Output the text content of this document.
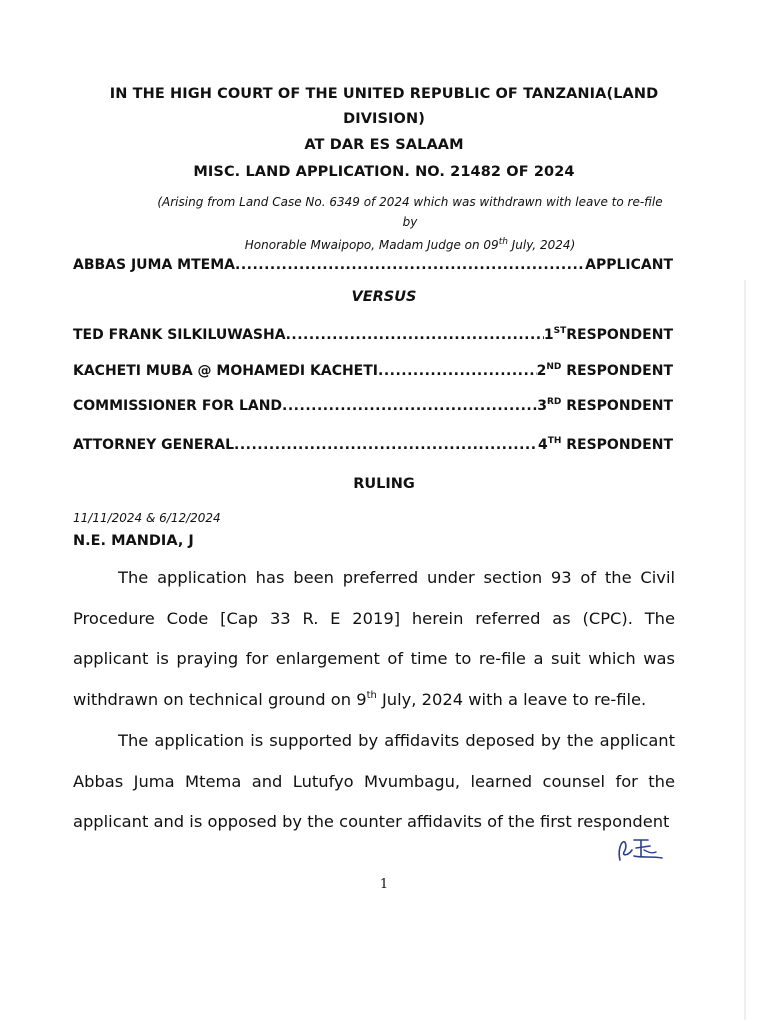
IN THE HIGH COURT OF THE UNITED REPUBLIC OF TANZANIA(LAND
DIVISION)
AT DAR ES SALAAM
MISC. LAND APPLICATION. NO. 21482 OF 2024
(Arising from Land Case No. 6349 of 2024 which was withdrawn with leave to re-file by
Honorable Mwaipopo, Madam Judge on 09th July, 2024)
ABBAS JUMA MTEMA .....	APPLICANT
VERSUS
TED FRANK SILKILUWASHA .....	1STRESPONDENT
KACHETI MUBA @ MOHAMEDI KACHETI .....	2ND RESPONDENT
COMMISSIONER FOR LAND .....	3RD RESPONDENT
ATTORNEY GENERAL .....	4TH RESPONDENT
RULING
11/11/2024 & 6/12/2024
N.E. MANDIA, J
The application has been preferred under section 93 of the Civil Procedure Code [Cap 33 R. E 2019] herein referred as (CPC). The applicant is praying for enlargement of time to re-file a suit which was withdrawn on technical ground on 9th July, 2024 with a leave to re-file.
The application is supported by affidavits deposed by the applicant Abbas Juma Mtema and Lutufyo Mvumbagu, learned counsel for the applicant and is opposed by the counter affidavits of the first respondent
1
